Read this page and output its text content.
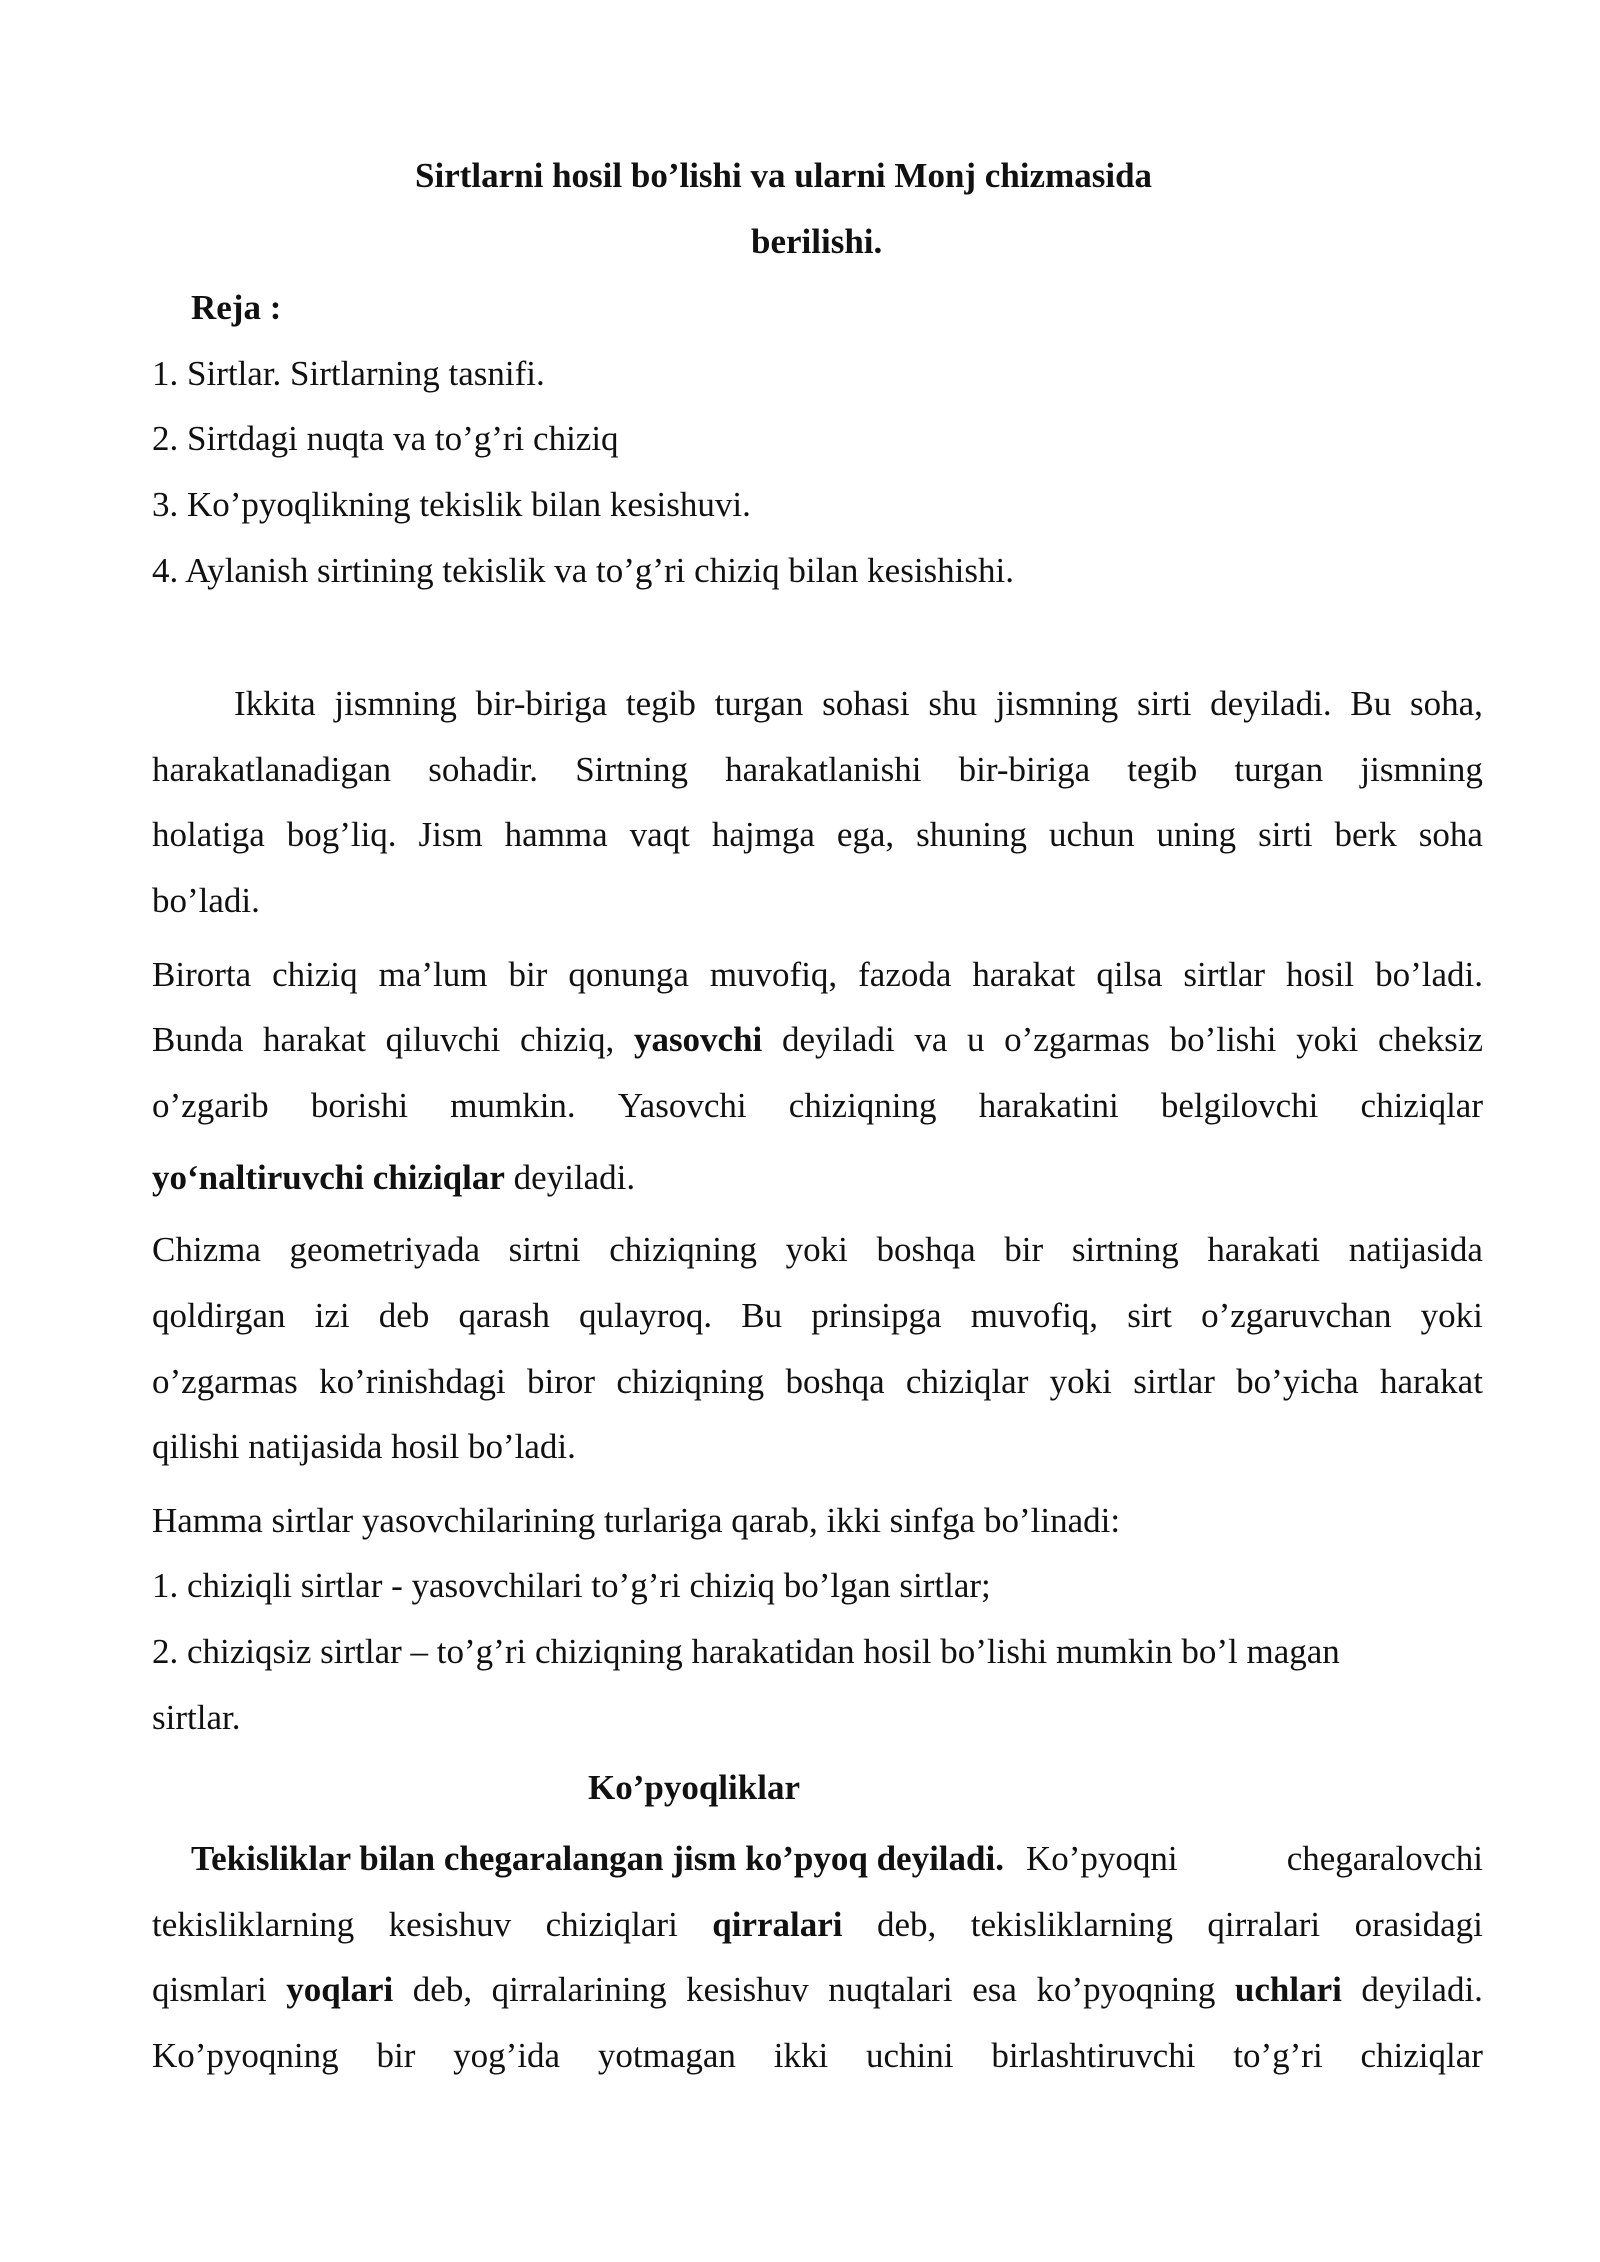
Sirtlarni hosil bo’lishi va ularni Monj chizmasida
berilishi.
Reja :
1. Sirtlar. Sirtlarning tasnifi.
2. Sirtdagi nuqta va to’g’ri chiziq
3. Ko’pyoqlikning tekislik bilan kesishuvi.
4. Aylanish sirtining tekislik va to’g’ri chiziq bilan kesishishi.
Ikkita jismning bir-biriga tegib turgan sohasi shu jismning sirti deyiladi. Bu soha,
harakatlanadigan sohadir. Sirtning harakatlanishi bir-biriga tegib turgan jismning
holatiga bog’liq. Jism hamma vaqt hajmga ega, shuning uchun uning sirti berk soha
bo’ladi.
Birorta chiziq ma’lum bir qonunga muvofiq, fazoda harakat qilsa sirtlar hosil bo’ladi.
Bunda harakat qiluvchi chiziq, yasovchi deyiladi va u o’zgarmas bo’lishi yoki cheksiz
o’zgarib borishi mumkin. Yasovchi chiziqning harakatini belgilovchi chiziqlar
yoʻnaltiruvchi chiziqlar deyiladi.
Chizma geometriyada sirtni chiziqning yoki boshqa bir sirtning harakati natijasida
qoldirgan izi deb qarash qulayroq. Bu prinsipga muvofiq, sirt o’zgaruvchan yoki
o’zgarmas ko’rinishdagi biror chiziqning boshqa chiziqlar yoki sirtlar bo’yicha harakat
qilishi natijasida hosil bo’ladi.
Hamma sirtlar yasovchilarining turlariga qarab, ikki sinfga bo’linadi:
1. chiziqli sirtlar - yasovchilari to’g’ri chiziq bo’lgan sirtlar;
2. chiziqsiz sirtlar – to’g’ri chiziqning harakatidan hosil bo’lishi mumkin bo’l magan
sirtlar.
Ko’pyoqliklar
Tekisliklar bilan chegaralangan jism ko’pyoq deyiladi. Ko’pyoqni	chegaralovchi
tekisliklarning kesishuv chiziqlari qirralari deb, tekisliklarning qirralari orasidagi
qismlari yoqlari deb, qirralarining kesishuv nuqtalari esa ko’pyoqning uchlari deyiladi.
Ko’pyoqning bir yog’ida yotmagan ikki uchini birlashtiruvchi to’g’ri chiziqlar
